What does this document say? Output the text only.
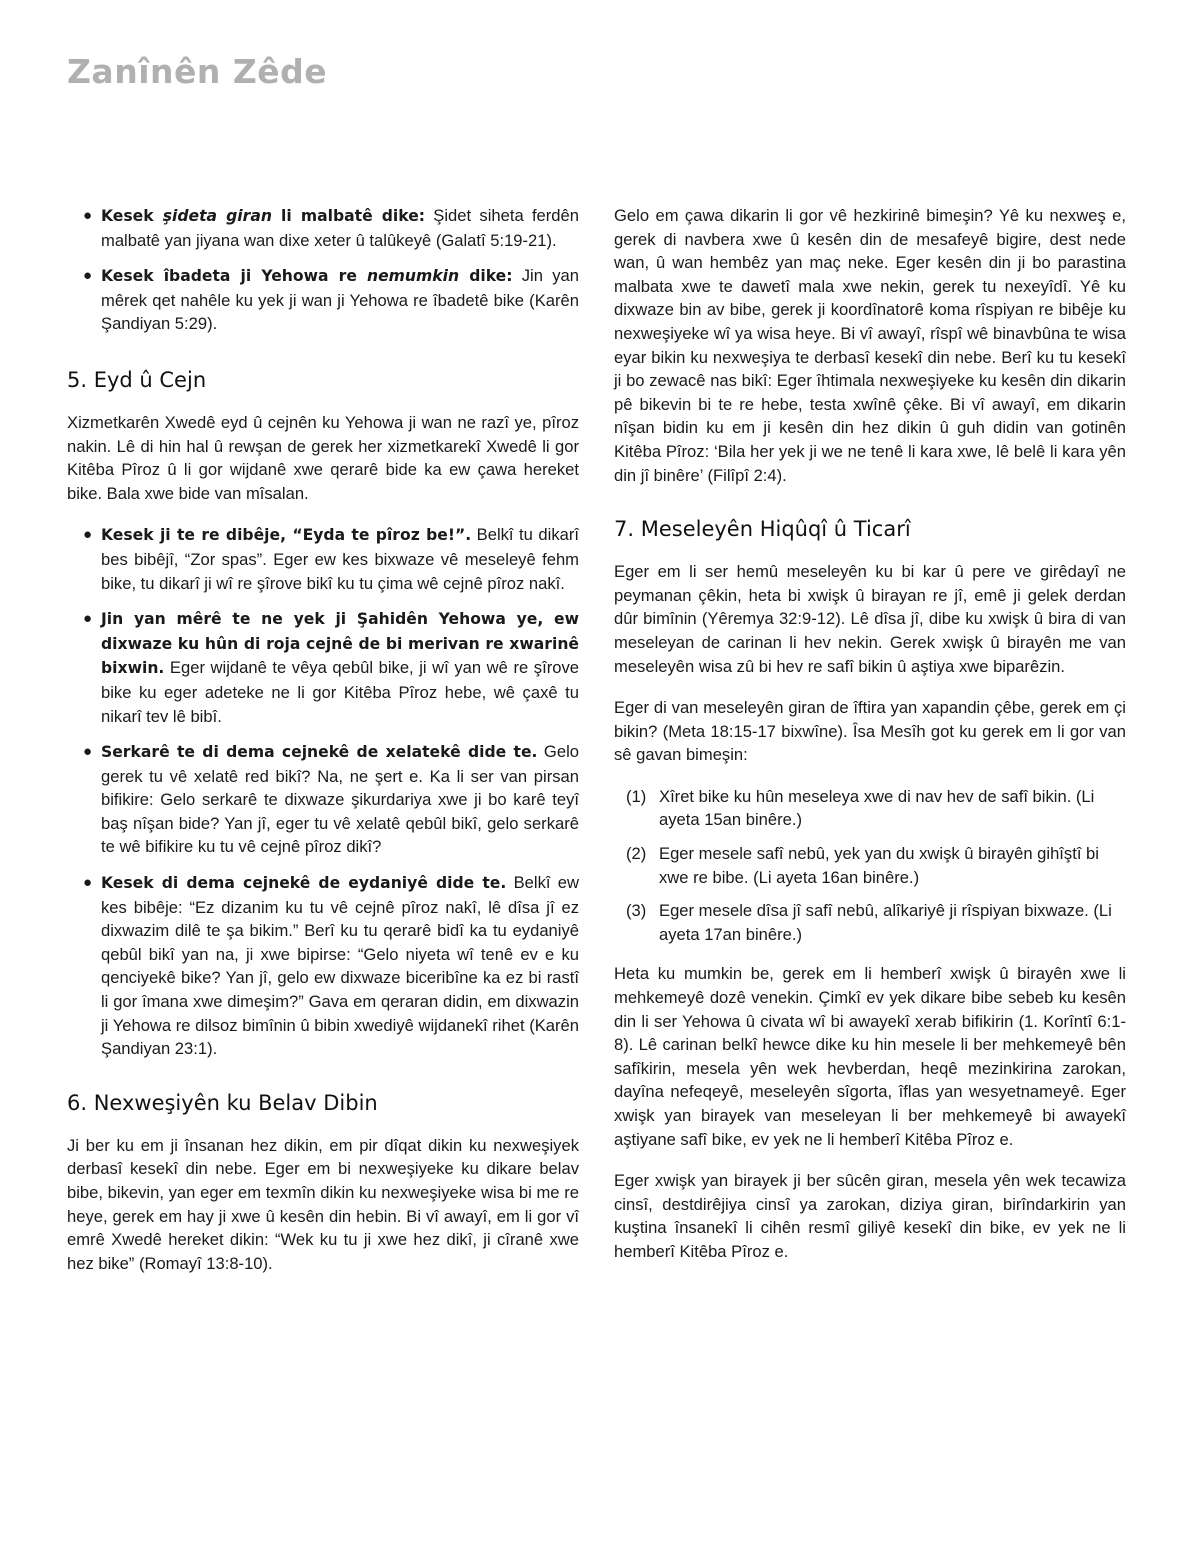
Zanînên Zêde
● Kesek şideta giran li malbatê dike: Şidet siheta ferdên malbatê yan jiyana wan dixe xeter û talûkeyê (Galatî 5:19-21).
● Kesek îbadeta ji Yehowa re nemumkin dike: Jin yan mêrek qet nahêle ku yek ji wan ji Yehowa re îbadetê bike (Karên Şandiyan 5:29).
5. Eyd û Cejn

Xizmetkarên Xwedê eyd û cejnên ku Yehowa ji wan ne razî ye, pîroz nakin. Lê di hin hal û rewşan de gerek her xizmetkarekî Xwedê li gor Kitêba Pîroz û li gor wijdanê xwe qerarê bide ka ew çawa hereket bike. Bala xwe bide van mîsalan.

● Kesek ji te re dibêje, “Eyda te pîroz be!”. Belkî tu dikarî bes bibêjî, “Zor spas”. Eger ew kes bixwaze vê meseleyê fehm bike, tu dikarî ji wî re şîrove bikî ku tu çima wê cejnê pîroz nakî.
● Jin yan mêrê te ne yek ji Şahidên Yehowa ye, ew dixwaze ku hûn di roja cejnê de bi merivan re xwarinê bixwin. Eger wijdanê te vêya qebûl bike, ji wî yan wê re şîrove bike ku eger adeteke ne li gor Kitêba Pîroz hebe, wê çaxê tu nikarî tev lê bibî.
● Serkarê te di dema cejnekê de xelatekê dide te. Gelo gerek tu vê xelatê red bikî? Na, ne şert e. Ka li ser van pirsan bifikire: Gelo serkarê te dixwaze şikurdariya xwe ji bo karê teyî baş nîşan bide? Yan jî, eger tu vê xelatê qebûl bikî, gelo serkarê te wê bifikire ku tu vê cejnê pîroz dikî?
● Kesek di dema cejnekê de eydaniyê dide te. Belkî ew kes bibêje: “Ez dizanim ku tu vê cejnê pîroz nakî, lê dîsa jî ez dixwazim dilê te şa bikim.” Berî ku tu qerarê bidî ka tu eydaniyê qebûl bikî yan na, ji xwe bipirse: “Gelo niyeta wî tenê ev e ku qenciyekê bike? Yan jî, gelo ew dixwaze biceribîne ka ez bi rastî li gor îmana xwe dimeşim?” Gava em qeraran didin, em dixwazin ji Yehowa re dilsoz bimînin û bibin xwediyê wijdanekî rihet (Karên Şandiyan 23:1).
6. Nexweşiyên ku Belav Dibin

Ji ber ku em ji însanan hez dikin, em pir dîqat dikin ku nexweşiyek derbasî kesekî din nebe. Eger em bi nexweşiyeke ku dikare belav bibe, bikevin, yan eger em texmîn dikin ku nexweşiyeke wisa bi me re heye, gerek em hay ji xwe û kesên din hebin. Bi vî awayî, em li gor vî emrê Xwedê hereket dikin: “Wek ku tu ji xwe hez dikî, ji cîranê xwe hez bike” (Romayî 13:8-10).

Gelo em çawa dikarin li gor vê hezkirinê bimeşin? Yê ku nexweş e, gerek di navbera xwe û kesên din de mesafeyê bigire, dest nede wan, û wan hembêz yan maç neke. Eger kesên din ji bo parastina malbata xwe te dawetî mala xwe nekin, gerek tu nexeyîdî. Yê ku dixwaze bin av bibe, gerek ji koordînatorê koma rîspiyan re bibêje ku nexweşiyeke wî ya wisa heye. Bi vî awayî, rîspî wê binavbûna te wisa eyar bikin ku nexweşiya te derbasî kesekî din nebe. Berî ku tu kesekî ji bo zewacê nas bikî: Eger îhtimala nexweşiyeke ku kesên din dikarin pê bikevin bi te re hebe, testa xwînê çêke. Bi vî awayî, em dikarin nîşan bidin ku em ji kesên din hez dikin û guh didin van gotinên Kitêba Pîroz: ‘Bila her yek ji we ne tenê li kara xwe, lê belê li kara yên din jî binêre’ (Filîpî 2:4).

7. Meseleyên Hiqûqî û Ticarî

Eger em li ser hemû meseleyên ku bi kar û pere ve girêdayî ne peymanan çêkin, heta bi xwişk û birayan re jî, emê ji gelek derdan dûr bimînin (Yêremya 32:9-12). Lê dîsa jî, dibe ku xwişk û bira di van meseleyan de carinan li hev nekin. Gerek xwişk û birayên me van meseleyên wisa zû bi hev re safî bikin û aştiya xwe biparêzin.

Eger di van meseleyên giran de îftira yan xapandin çêbe, gerek em çi bikin? (Meta 18:15-17 bixwîne). Îsa Mesîh got ku gerek em li gor van sê gavan bimeşin:

(1) Xîret bike ku hûn meseleya xwe di nav hev de safî bikin. (Li ayeta 15an binêre.)
(2) Eger mesele safî nebû, yek yan du xwişk û birayên gihîştî bi xwe re bibe. (Li ayeta 16an binêre.)
(3) Eger mesele dîsa jî safî nebû, alîkariyê ji rîspiyan bixwaze. (Li ayeta 17an binêre.)

Heta ku mumkin be, gerek em li hemberî xwişk û birayên xwe li mehkemeyê dozê venekin. Çimkî ev yek dikare bibe sebeb ku kesên din li ser Yehowa û civata wî bi awayekî xerab bifikirin (1. Korîntî 6:1-8). Lê carinan belkî hewce dike ku hin mesele li ber mehkemeyê bên safîkirin, mesela yên wek hevberdan, heqê mezinkirina zarokan, dayîna nefeqeyê, meseleyên sîgorta, îflas yan wesyetnameyê. Eger xwişk yan birayek van meseleyan li ber mehkemeyê bi awayekî aştiyane safî bike, ev yek ne li hemberî Kitêba Pîroz e.

Eger xwişk yan birayek ji ber sûcên giran, mesela yên wek tecawiza cinsî, destdirêjiya cinsî ya zarokan, diziya giran, birîndarkirin yan kuştina însanekî li cihên resmî giliyê kesekî din bike, ev yek ne li hemberî Kitêba Pîroz e.
